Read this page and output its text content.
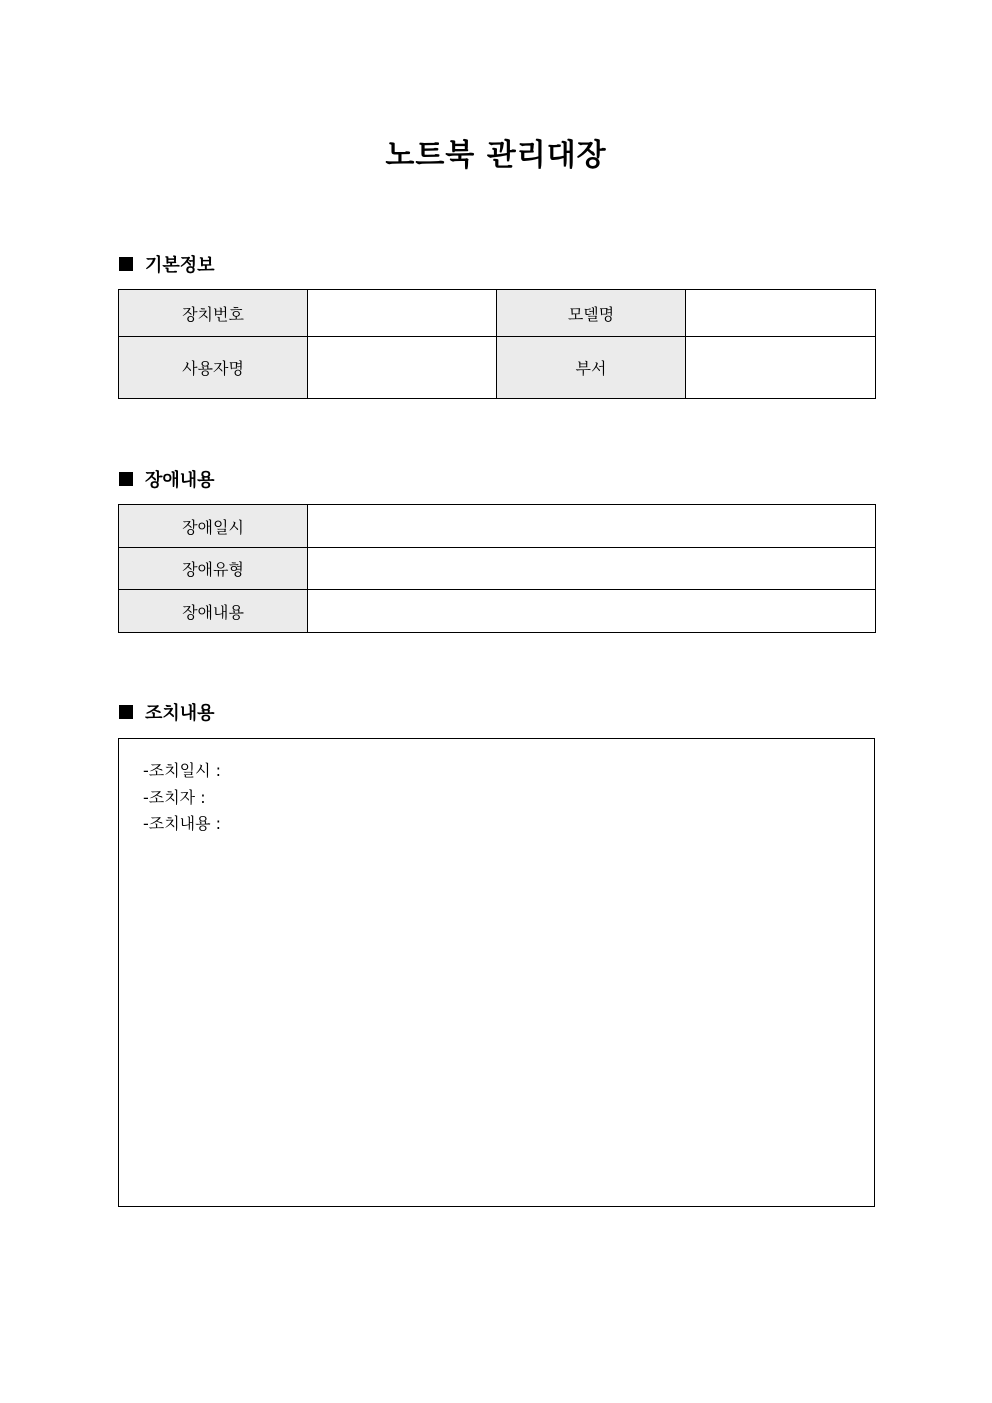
노트북 관리대장
기본정보
장치번호		모델명	
사용자명		부서	
장애내용
장애일시	
장애유형	
장애내용	
조치내용
-조치일시 :
-조치자 :
-조치내용 :
